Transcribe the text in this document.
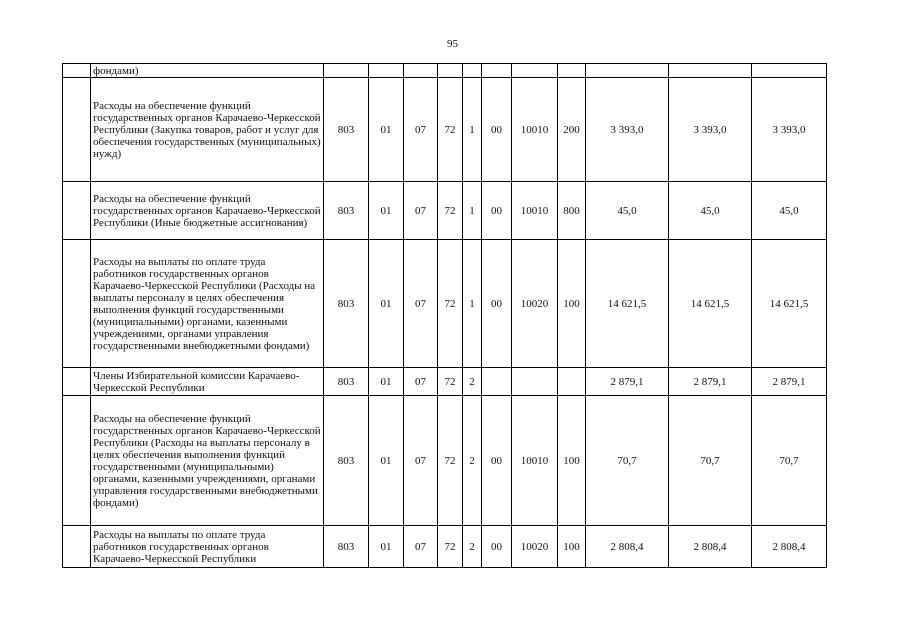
95
	фондами)											
	Расходы на обеспечение функций государственных органов Карачаево-Черкесской Республики (Закупка товаров, работ и услуг для обеспечения государственных (муниципальных) нужд)	803	01	07	72	1	00	10010	200	3 393,0	3 393,0	3 393,0
	Расходы на обеспечение функций государственных органов Карачаево-Черкесской Республики (Иные бюджетные ассигнования)	803	01	07	72	1	00	10010	800	45,0	45,0	45,0
	Расходы на выплаты по оплате труда работников государственных органов Карачаево-Черкесской Республики (Расходы на выплаты персоналу в целях обеспечения выполнения функций государственными (муниципальными) органами, казенными учреждениями, органами управления государственными внебюджетными фондами)	803	01	07	72	1	00	10020	100	14 621,5	14 621,5	14 621,5
	Члены Избирательной комиссии Карачаево-Черкесской Республики	803	01	07	72	2				2 879,1	2 879,1	2 879,1
	Расходы на обеспечение функций государственных органов Карачаево-Черкесской Республики (Расходы на выплаты персоналу в целях обеспечения выполнения функций государственными (муниципальными) органами, казенными учреждениями, органами управления государственными внебюджетными фондами)	803	01	07	72	2	00	10010	100	70,7	70,7	70,7
	Расходы на выплаты по оплате труда работников государственных органов Карачаево-Черкесской Республики	803	01	07	72	2	00	10020	100	2 808,4	2 808,4	2 808,4
